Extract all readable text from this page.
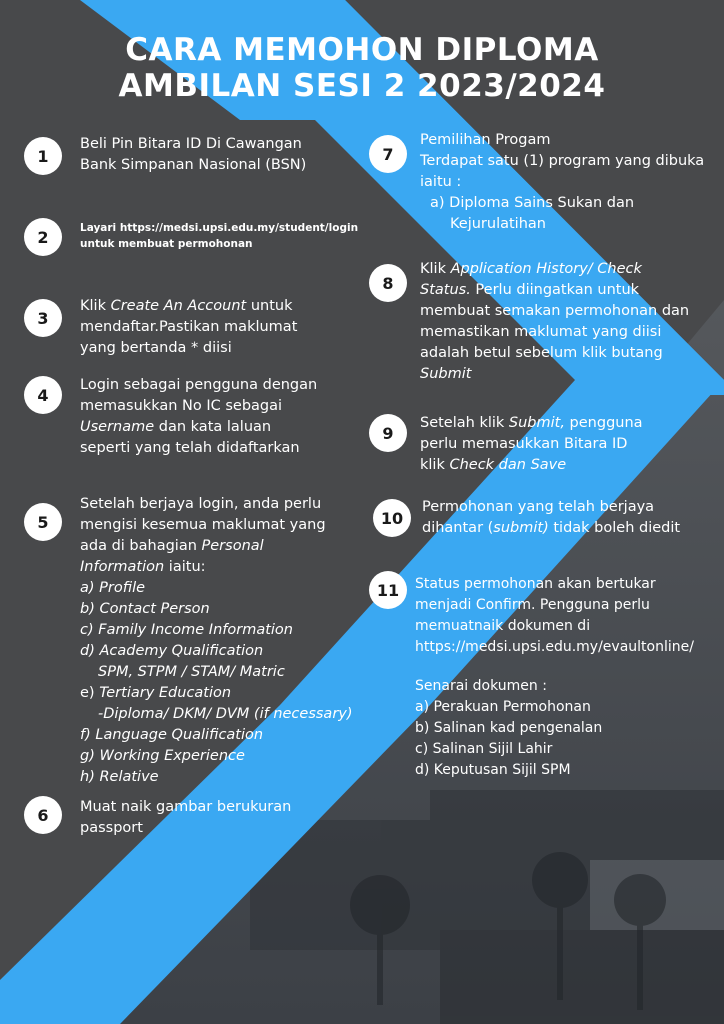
CARA MEMOHON DIPLOMA
AMBILAN SESI 2 2023/2024
1
Beli Pin Bitara ID Di Cawangan
Bank Simpanan Nasional (BSN)
2	Layari https://medsi.upsi.edu.my/student/login
untuk membuat permohonan
3
Klik Create An Account untuk
mendaftar.Pastikan maklumat
yang bertanda * diisi
4
Login sebagai pengguna dengan
memasukkan No IC sebagai
Username dan kata laluan
seperti yang telah didaftarkan
5
Setelah berjaya login, anda perlu
mengisi kesemua maklumat yang
ada di bahagian Personal
Information iaitu:
a) Profile
b) Contact Person
c) Family Income Information
d) Academy Qualification
SPM, STPM / STAM/ Matric
e) Tertiary Education
-Diploma/ DKM/ DVM (if necessary)
f) Language Qualification
g) Working Experience
h) Relative
6	Muat naik gambar berukuran
passport
7
Pemilihan Progam
Terdapat satu (1) program yang dibuka
iaitu :
a) Diploma Sains Sukan dan
Kejurulatihan
8
Klik Application History/ Check
Status. Perlu diingatkan untuk
membuat semakan permohonan dan
memastikan maklumat yang diisi
adalah betul sebelum klik butang
Submit
9
Setelah klik Submit, pengguna
perlu memasukkan Bitara ID
klik Check dan Save
10
Permohonan yang telah berjaya
dihantar (submit) tidak boleh diedit
11	Status permohonan akan bertukar
menjadi Confirm. Pengguna perlu
memuatnaik dokumen di
https://medsi.upsi.edu.my/evaultonline/
Senarai dokumen :
a) Perakuan Permohonan
b) Salinan kad pengenalan
c) Salinan Sijil Lahir
d) Keputusan Sijil SPM
